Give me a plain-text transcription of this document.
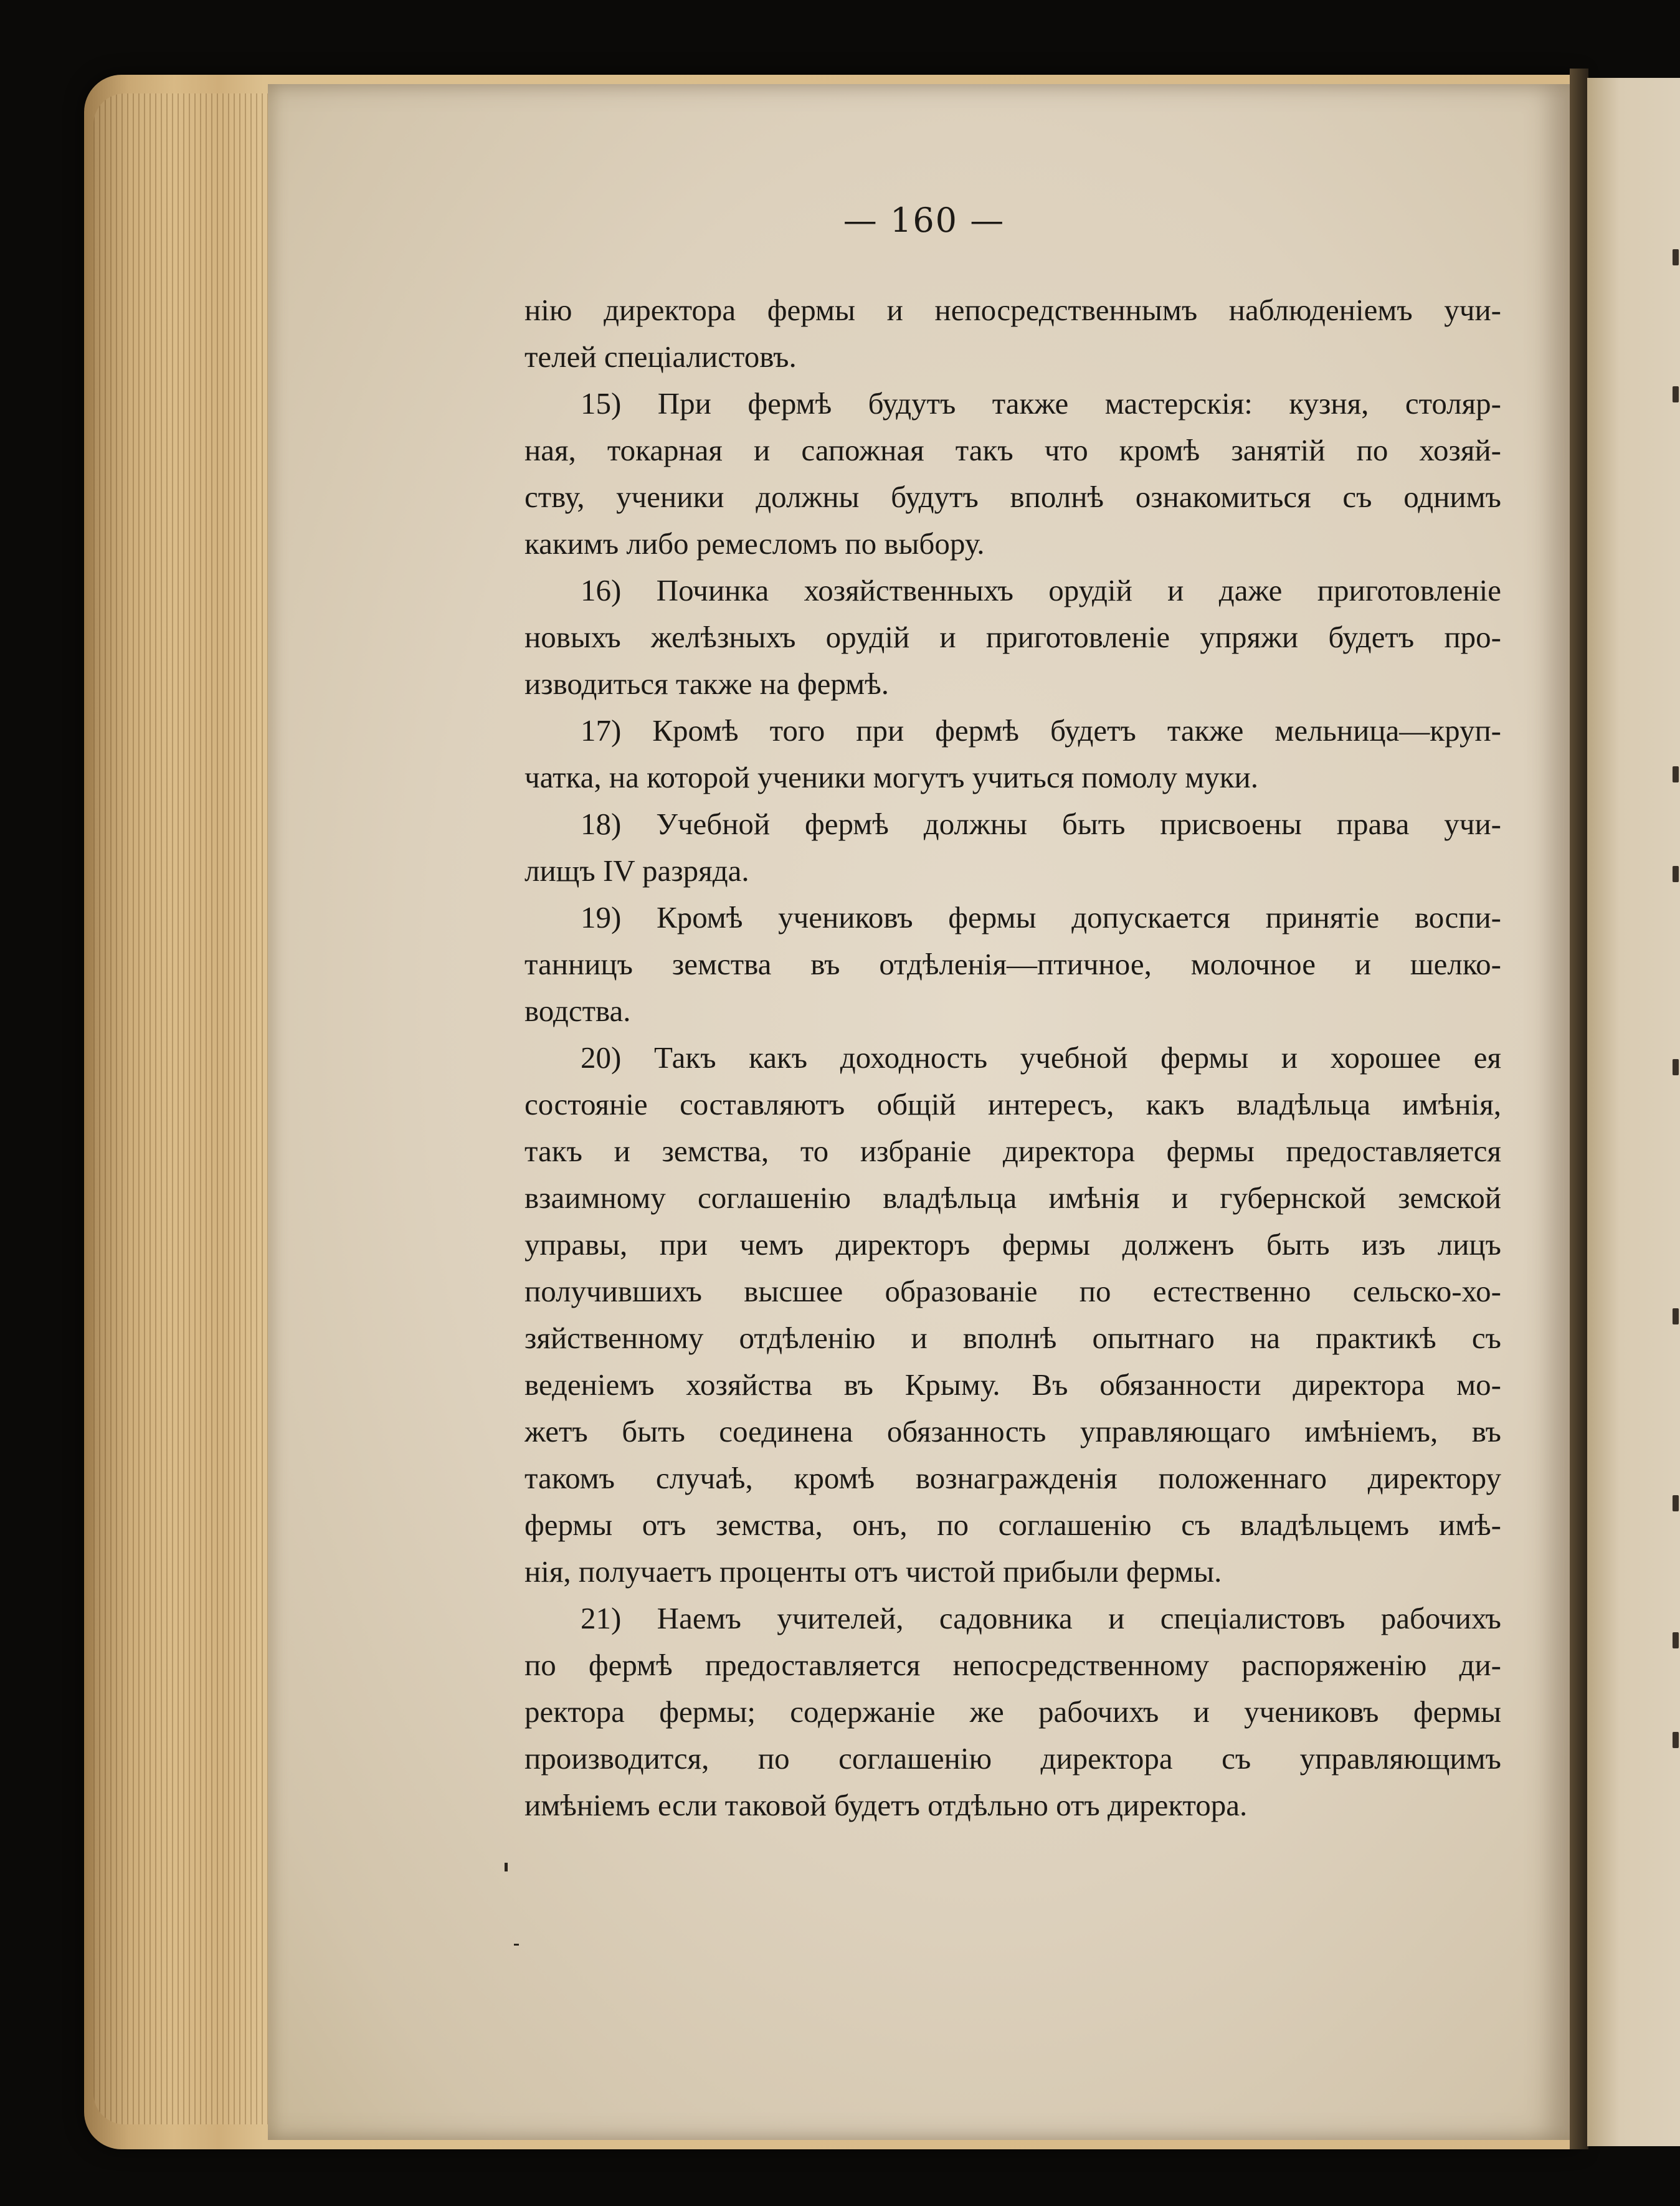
— 160 —
нію директора фермы и непосредственнымъ наблюденіемъ учи-
телей спеціалистовъ.
15) При фермѣ будутъ также мастерскія: кузня, столяр-
ная, токарная и сапожная такъ что кромѣ занятій по хозяй-
ству, ученики должны будутъ вполнѣ ознакомиться съ однимъ
какимъ либо ремесломъ по выбору.
16) Починка хозяйственныхъ орудій и даже приготовленіе
новыхъ желѣзныхъ орудій и приготовленіе упряжи будетъ про-
изводиться также на фермѣ.
17) Кромѣ того при фермѣ будетъ также мельница—круп-
чатка, на которой ученики могутъ учиться помолу муки.
18) Учебной фермѣ должны быть присвоены права учи-
лищъ IV разряда.
19) Кромѣ учениковъ фермы допускается принятіе воспи-
танницъ земства въ отдѣленія—птичное, молочное и шелко-
водства.
20) Такъ какъ доходность учебной фермы и хорошее ея
состояніе составляютъ общій интересъ, какъ владѣльца имѣнія,
такъ и земства, то избраніе директора фермы предоставляется
взаимному соглашенію владѣльца имѣнія и губернской земской
управы, при чемъ директоръ фермы долженъ быть изъ лицъ
получившихъ высшее образованіе по естественно сельско-хо-
зяйственному отдѣленію и вполнѣ опытнаго на практикѣ съ
веденіемъ хозяйства въ Крыму. Въ обязанности директора мо-
жетъ быть соединена обязанность управляющаго имѣніемъ, въ
такомъ случаѣ, кромѣ вознагражденія положеннаго директору
фермы отъ земства, онъ, по соглашенію съ владѣльцемъ имѣ-
нія, получаетъ проценты отъ чистой прибыли фермы.
21) Наемъ учителей, садовника и спеціалистовъ рабочихъ
по фермѣ предоставляется непосредственному распоряженію ди-
ректора фермы; содержаніе же рабочихъ и учениковъ фермы
производится, по соглашенію директора съ управляющимъ
имѣніемъ если таковой будетъ отдѣльно отъ директора.
